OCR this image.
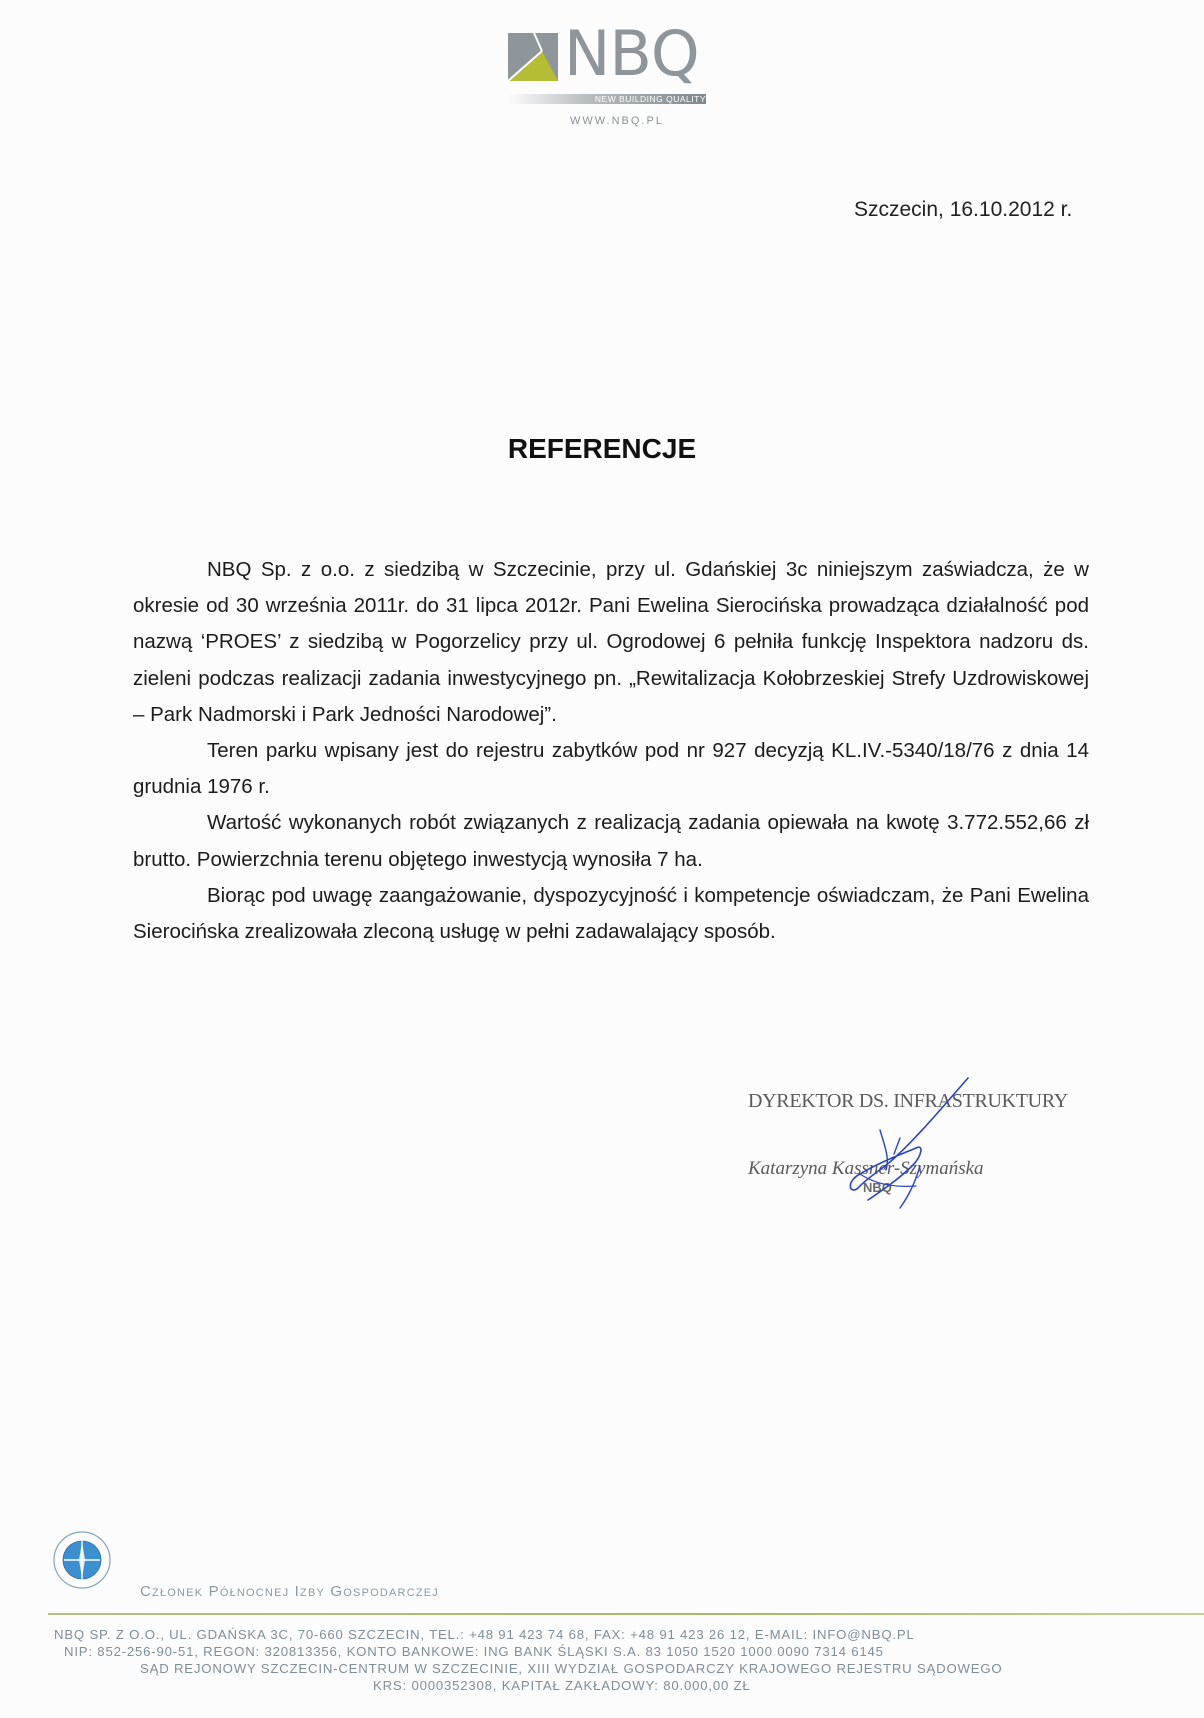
NBQ
NEW BUILDING QUALITY
WWW.NBQ.PL
Szczecin, 16.10.2012 r.
REFERENCJE

NBQ Sp. z o.o. z siedzibą w Szczecinie, przy ul. Gdańskiej 3c niniejszym zaświadcza, że w okresie od 30 września 2011r. do 31 lipca 2012r. Pani Ewelina Sierocińska prowadząca działalność pod nazwą ‘PROES’ z siedzibą w Pogorzelicy przy ul. Ogrodowej 6 pełniła funkcję Inspektora nadzoru ds. zieleni podczas realizacji zadania inwestycyjnego pn. „Rewitalizacja Kołobrzeskiej Strefy Uzdrowiskowej – Park Nadmorski i Park Jedności Narodowej”.

Teren parku wpisany jest do rejestru zabytków pod nr 927 decyzją KL.IV.-5340/18/76 z dnia 14 grudnia 1976 r.

Wartość wykonanych robót związanych z realizacją zadania opiewała na kwotę 3.772.552,66 zł brutto. Powierzchnia terenu objętego inwestycją wynosiła 7 ha.

Biorąc pod uwagę zaangażowanie, dyspozycyjność i kompetencje oświadczam, że Pani Ewelina Sierocińska zrealizowała zleconą usługę w pełni zadawalający sposób.

DYREKTOR DS. INFRASTRUKTURY
Katarzyna Kassner-Szymańska
NBQ
Członek Północnej Izby Gospodarczej
NBQ SP. Z O.O., UL. GDAŃSKA 3C, 70-660 SZCZECIN, TEL.: +48 91 423 74 68, FAX: +48 91 423 26 12, E-MAIL: INFO@NBQ.PL
NIP: 852-256-90-51, REGON: 320813356, KONTO BANKOWE: ING BANK ŚLĄSKI S.A. 83 1050 1520 1000 0090 7314 6145
SĄD REJONOWY SZCZECIN-CENTRUM W SZCZECINIE, XIII WYDZIAŁ GOSPODARCZY KRAJOWEGO REJESTRU SĄDOWEGO
KRS: 0000352308, KAPITAŁ ZAKŁADOWY: 80.000,00 ZŁ
